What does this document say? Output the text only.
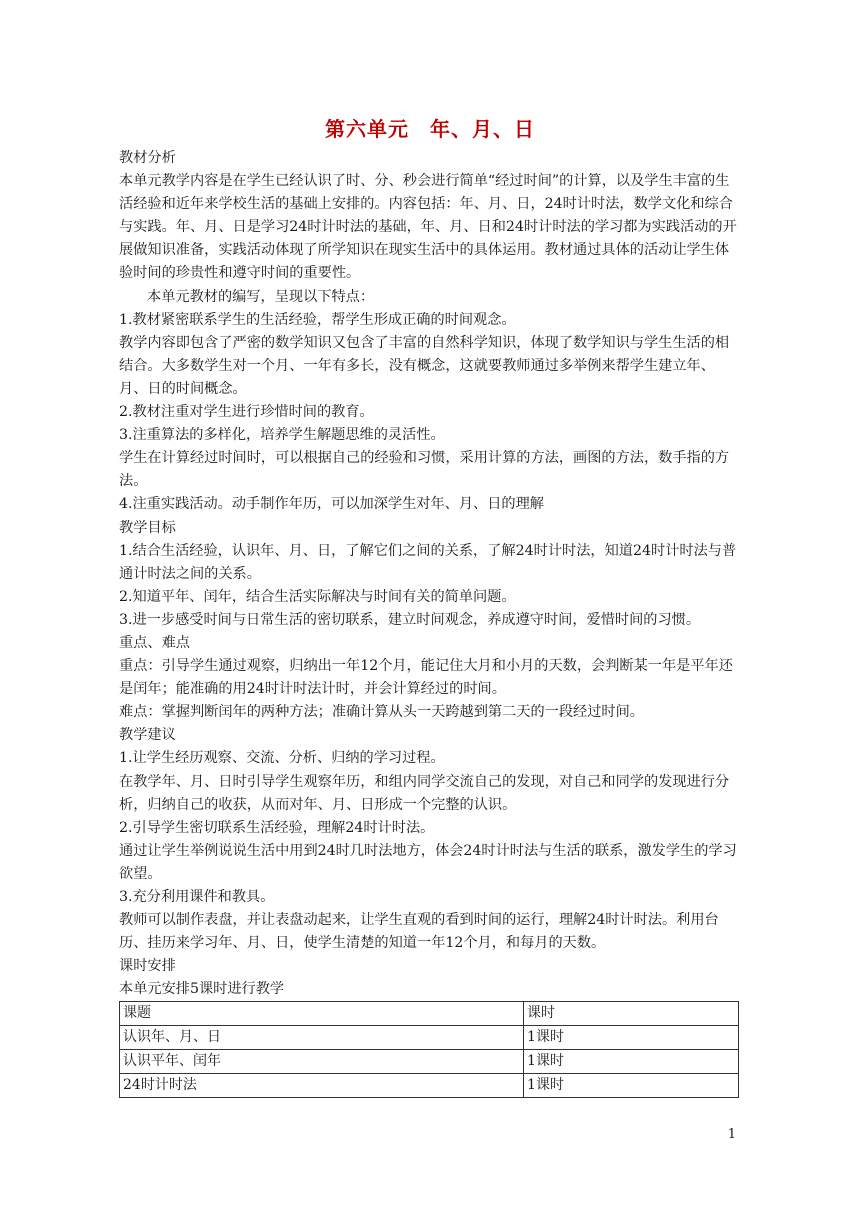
第六单元　年、月、日

教材分析

本单元教学内容是在学生已经认识了时、分、秒会进行简单“经过时间”的计算，以及学生丰富的生活经验和近年来学校生活的基础上安排的。内容包括：年、月、日，24时计时法，数学文化和综合与实践。年、月、日是学习24时计时法的基础，年、月、日和24时计时法的学习都为实践活动的开展做知识准备，实践活动体现了所学知识在现实生活中的具体运用。教材通过具体的活动让学生体验时间的珍贵性和遵守时间的重要性。

本单元教材的编写，呈现以下特点：

1.教材紧密联系学生的生活经验，帮学生形成正确的时间观念。

教学内容即包含了严密的数学知识又包含了丰富的自然科学知识，体现了数学知识与学生生活的相结合。大多数学生对一个月、一年有多长，没有概念，这就要教师通过多举例来帮学生建立年、月、日的时间概念。

2.教材注重对学生进行珍惜时间的教育。

3.注重算法的多样化，培养学生解题思维的灵活性。

学生在计算经过时间时，可以根据自己的经验和习惯，采用计算的方法，画图的方法，数手指的方法。

4.注重实践活动。动手制作年历，可以加深学生对年、月、日的理解

教学目标

1.结合生活经验，认识年、月、日，了解它们之间的关系，了解24时计时法，知道24时计时法与普通计时法之间的关系。

2.知道平年、闰年，结合生活实际解决与时间有关的简单问题。

3.进一步感受时间与日常生活的密切联系，建立时间观念，养成遵守时间，爱惜时间的习惯。

重点、难点

重点：引导学生通过观察，归纳出一年12个月，能记住大月和小月的天数，会判断某一年是平年还是闰年；能准确的用24时计时法计时，并会计算经过的时间。

难点：掌握判断闰年的两种方法；准确计算从头一天跨越到第二天的一段经过时间。

教学建议

1.让学生经历观察、交流、分析、归纳的学习过程。

在教学年、月、日时引导学生观察年历，和组内同学交流自己的发现，对自己和同学的发现进行分析，归纳自己的收获，从而对年、月、日形成一个完整的认识。

2.引导学生密切联系生活经验，理解24时计时法。

通过让学生举例说说生活中用到24时几时法地方，体会24时计时法与生活的联系，激发学生的学习欲望。

3.充分利用课件和教具。

教师可以制作表盘，并让表盘动起来，让学生直观的看到时间的运行，理解24时计时法。利用台历、挂历来学习年、月、日，使学生清楚的知道一年12个月，和每月的天数。

课时安排

本单元安排5课时进行教学

课题	课时
认识年、月、日	1课时
认识平年、闰年	1课时
24时计时法	1课时
1
